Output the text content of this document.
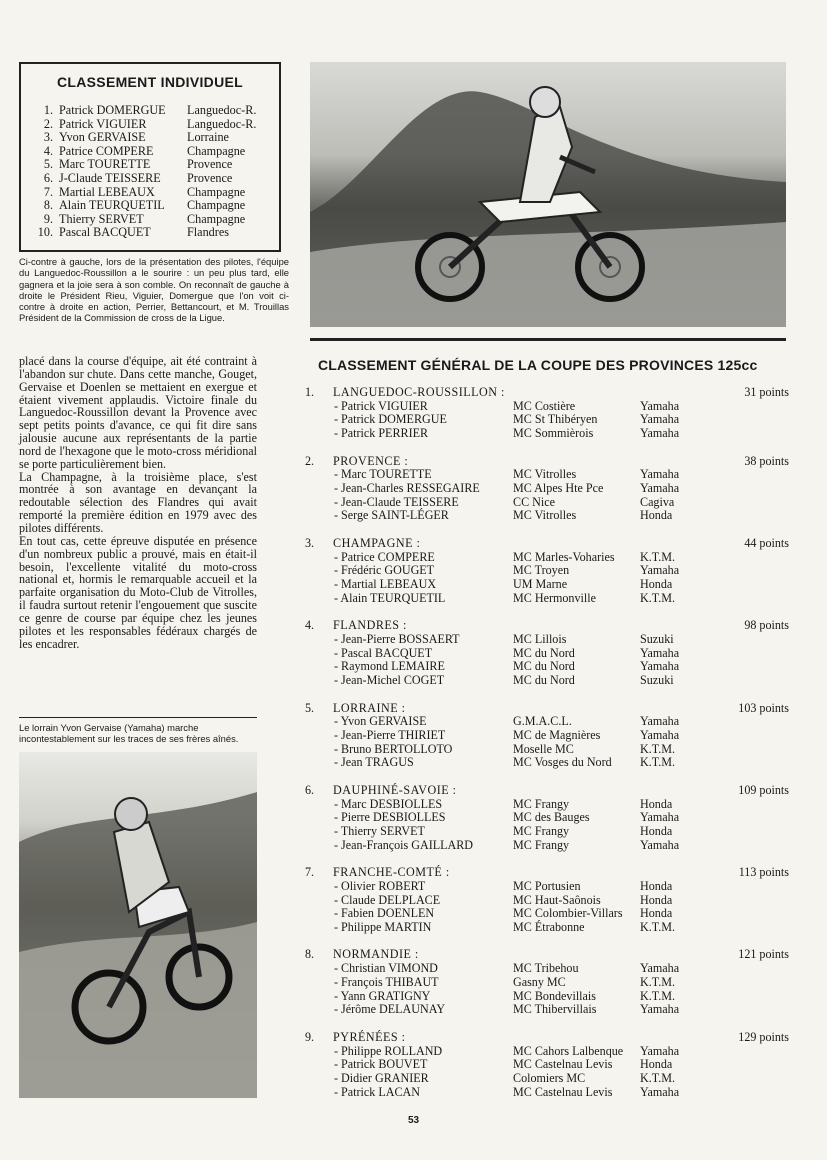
CLASSEMENT INDIVIDUEL
1. Patrick DOMERGUE	Languedoc-R.
2. Patrick VIGUIER	Languedoc-R.
3. Yvon GERVAISE	Lorraine
4. Patrice COMPERE	Champagne
5. Marc TOURETTE	Provence
6. J-Claude TEISSERE	Provence
7. Martial LEBEAUX	Champagne
8. Alain TEURQUETIL	Champagne
9. Thierry SERVET	Champagne
10. Pascal BACQUET	Flandres
Ci-contre à gauche, lors de la présentation des pilotes, l'équipe du Languedoc-Roussillon a le sourire : un peu plus tard, elle gagnera et la joie sera à son comble. On reconnaît de gauche à droite le Président Rieu, Viguier, Domergue que l'on voit ci-contre à droite en action, Perrier, Bettancourt, et M. Trouillas Président de la Commission de cross de la Ligue.

placé dans la course d'équipe, ait été contraint à l'abandon sur chute. Dans cette manche, Gouget, Gervaise et Doenlen se mettaient en exergue et étaient vivement applaudis. Victoire finale du Languedoc-Roussillon devant la Provence avec sept petits points d'avance, ce qui fit dire sans jalousie aucune aux représentants de la partie nord de l'hexagone que le moto-cross méridional se porte particulièrement bien.

La Champagne, à la troisième place, s'est montrée à son avantage en devançant la redoutable sélection des Flandres qui avait remporté la première édition en 1979 avec des pilotes différents.

En tout cas, cette épreuve disputée en présence d'un nombreux public a prouvé, mais en était-il besoin, l'excellente vitalité du moto-cross national et, hormis le remarquable accueil et la parfaite organisation du Moto-Club de Vitrolles, il faudra surtout retenir l'engouement que suscite ce genre de course par équipe chez les jeunes pilotes et les responsables fédéraux chargés de les encadrer.

Le lorrain Yvon Gervaise (Yamaha) marche incontestablement sur les traces de ses frères aînés.
CLASSEMENT GÉNÉRAL DE LA COUPE DES PROVINCES 125cc
1.	LANGUEDOC-ROUSSILLON :	31 points
- Patrick VIGUIER	MC Costière	Yamaha
- Patrick DOMERGUE	MC St Thibéryen	Yamaha
- Patrick PERRIER	MC Sommièrois	Yamaha
2.	PROVENCE :	38 points
- Marc TOURETTE	MC Vitrolles	Yamaha
- Jean-Charles RESSEGAIRE	MC Alpes Hte Pce	Yamaha
- Jean-Claude TEISSERE	CC Nice	Cagiva
- Serge SAINT-LÉGER	MC Vitrolles	Honda
3.	CHAMPAGNE :	44 points
- Patrice COMPERE	MC Marles-Voharies	K.T.M.
- Frédéric GOUGET	MC Troyen	Yamaha
- Martial LEBEAUX	UM Marne	Honda
- Alain TEURQUETIL	MC Hermonville	K.T.M.
4.	FLANDRES :	98 points
- Jean-Pierre BOSSAERT	MC Lillois	Suzuki
- Pascal BACQUET	MC du Nord	Yamaha
- Raymond LEMAIRE	MC du Nord	Yamaha
- Jean-Michel COGET	MC du Nord	Suzuki
5.	LORRAINE :	103 points
- Yvon GERVAISE	G.M.A.C.L.	Yamaha
- Jean-Pierre THIRIET	MC de Magnières	Yamaha
- Bruno BERTOLLOTO	Moselle MC	K.T.M.
- Jean TRAGUS	MC Vosges du Nord	K.T.M.
6.	DAUPHINÉ-SAVOIE :	109 points
- Marc DESBIOLLES	MC Frangy	Honda
- Pierre DESBIOLLES	MC des Bauges	Yamaha
- Thierry SERVET	MC Frangy	Honda
- Jean-François GAILLARD	MC Frangy	Yamaha
7.	FRANCHE-COMTÉ :	113 points
- Olivier ROBERT	MC Portusien	Honda
- Claude DELPLACE	MC Haut-Saônois	Honda
- Fabien DOENLEN	MC Colombier-Villars	Honda
- Philippe MARTIN	MC Étrabonne	K.T.M.
8.	NORMANDIE :	121 points
- Christian VIMOND	MC Tribehou	Yamaha
- François THIBAUT	Gasny MC	K.T.M.
- Yann GRATIGNY	MC Bondevillais	K.T.M.
- Jérôme DELAUNAY	MC Thibervillais	Yamaha
9.	PYRÉNÉES :	129 points
- Philippe ROLLAND	MC Cahors Lalbenque	Yamaha
- Patrick BOUVET	MC Castelnau Levis	Honda
- Didier GRANIER	Colomiers MC	K.T.M.
- Patrick LACAN	MC Castelnau Levis	Yamaha
53
